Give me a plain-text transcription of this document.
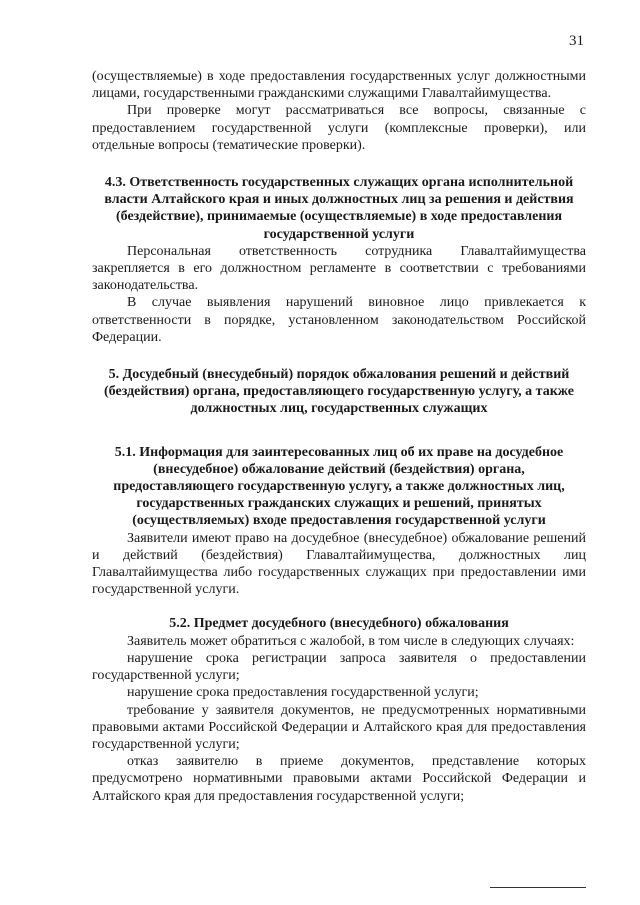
31

(осуществляемые) в ходе предоставления государственных услуг должностными лицами, государственными гражданскими служащими Главалтайимущества.

При проверке могут рассматриваться все вопросы, связанные с предоставлением государственной услуги (комплексные проверки), или отдельные вопросы (тематические проверки).

4.3. Ответственность государственных служащих органа исполнительной власти Алтайского края и иных должностных лиц за решения и действия (бездействие), принимаемые (осуществляемые) в ходе предоставления государственной услуги

Персональная ответственность сотрудника Главалтайимущества закрепляется в его должностном регламенте в соответствии с требованиями законодательства.

В случае выявления нарушений виновное лицо привлекается к ответственности в порядке, установленном законодательством Российской Федерации.

5. Досудебный (внесудебный) порядок обжалования решений и действий (бездействия) органа, предоставляющего государственную услугу, а также должностных лиц, государственных служащих

5.1. Информация для заинтересованных лиц об их праве на досудебное (внесудебное) обжалование действий (бездействия) органа, предоставляющего государственную услугу, а также должностных лиц, государственных гражданских служащих и решений, принятых (осуществляемых) входе предоставления государственной услуги

Заявители имеют право на досудебное (внесудебное) обжалование решений и действий (бездействия) Главалтайимущества, должностных лиц Главалтайимущества либо государственных служащих при предоставлении ими государственной услуги.

5.2. Предмет досудебного (внесудебного) обжалования

Заявитель может обратиться с жалобой, в том числе в следующих случаях:

нарушение срока регистрации запроса заявителя о предоставлении государственной услуги;

нарушение срока предоставления государственной услуги;

требование у заявителя документов, не предусмотренных нормативными правовыми актами Российской Федерации и Алтайского края для предоставления государственной услуги;

отказ заявителю в приеме документов, представление которых предусмотрено нормативными правовыми актами Российской Федерации и Алтайского края для предоставления государственной услуги;
